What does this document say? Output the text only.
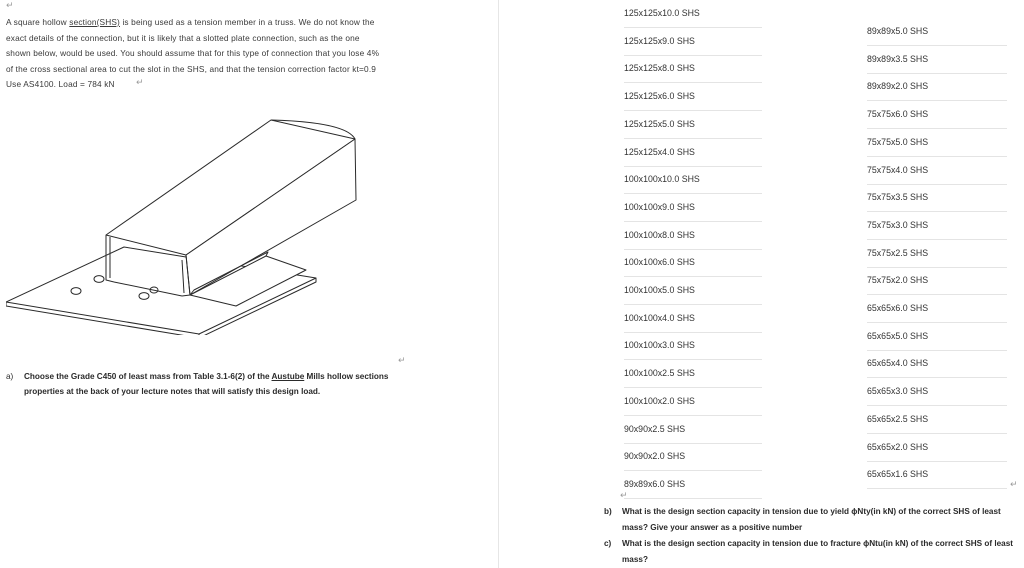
↵
↵
↵
↵
↵

A square hollow section(SHS) is being used as a tension member in a truss. We do not know the

exact details of the connection, but it is likely that a slotted plate connection, such as the one

shown below, would be used. You should assume that for this type of connection that you lose 4%

of the cross sectional area to cut the slot in the SHS, and that the tension correction factor kt=0.9

Use AS4100. Load = 784 kN

a) Choose the Grade C450 of least mass from Table 3.1-6(2) of the Austube Mills hollow sections properties at the back of your lecture notes that will satisfy this design load.
125x125x10.0 SHS
125x125x9.0 SHS
125x125x8.0 SHS
125x125x6.0 SHS
125x125x5.0 SHS
125x125x4.0 SHS
100x100x10.0 SHS
100x100x9.0 SHS
100x100x8.0 SHS
100x100x6.0 SHS
100x100x5.0 SHS
100x100x4.0 SHS
100x100x3.0 SHS
100x100x2.5 SHS
100x100x2.0 SHS
90x90x2.5 SHS
90x90x2.0 SHS
89x89x6.0 SHS
89x89x5.0 SHS
89x89x3.5 SHS
89x89x2.0 SHS
75x75x6.0 SHS
75x75x5.0 SHS
75x75x4.0 SHS
75x75x3.5 SHS
75x75x3.0 SHS
75x75x2.5 SHS
75x75x2.0 SHS
65x65x6.0 SHS
65x65x5.0 SHS
65x65x4.0 SHS
65x65x3.0 SHS
65x65x2.5 SHS
65x65x2.0 SHS
65x65x1.6 SHS
b) What is the design section capacity in tension due to yield ϕNty(in kN) of the correct SHS of least mass? Give your answer as a positive number
c) What is the design section capacity in tension due to fracture ϕNtu(in kN) of the correct SHS of least mass?
